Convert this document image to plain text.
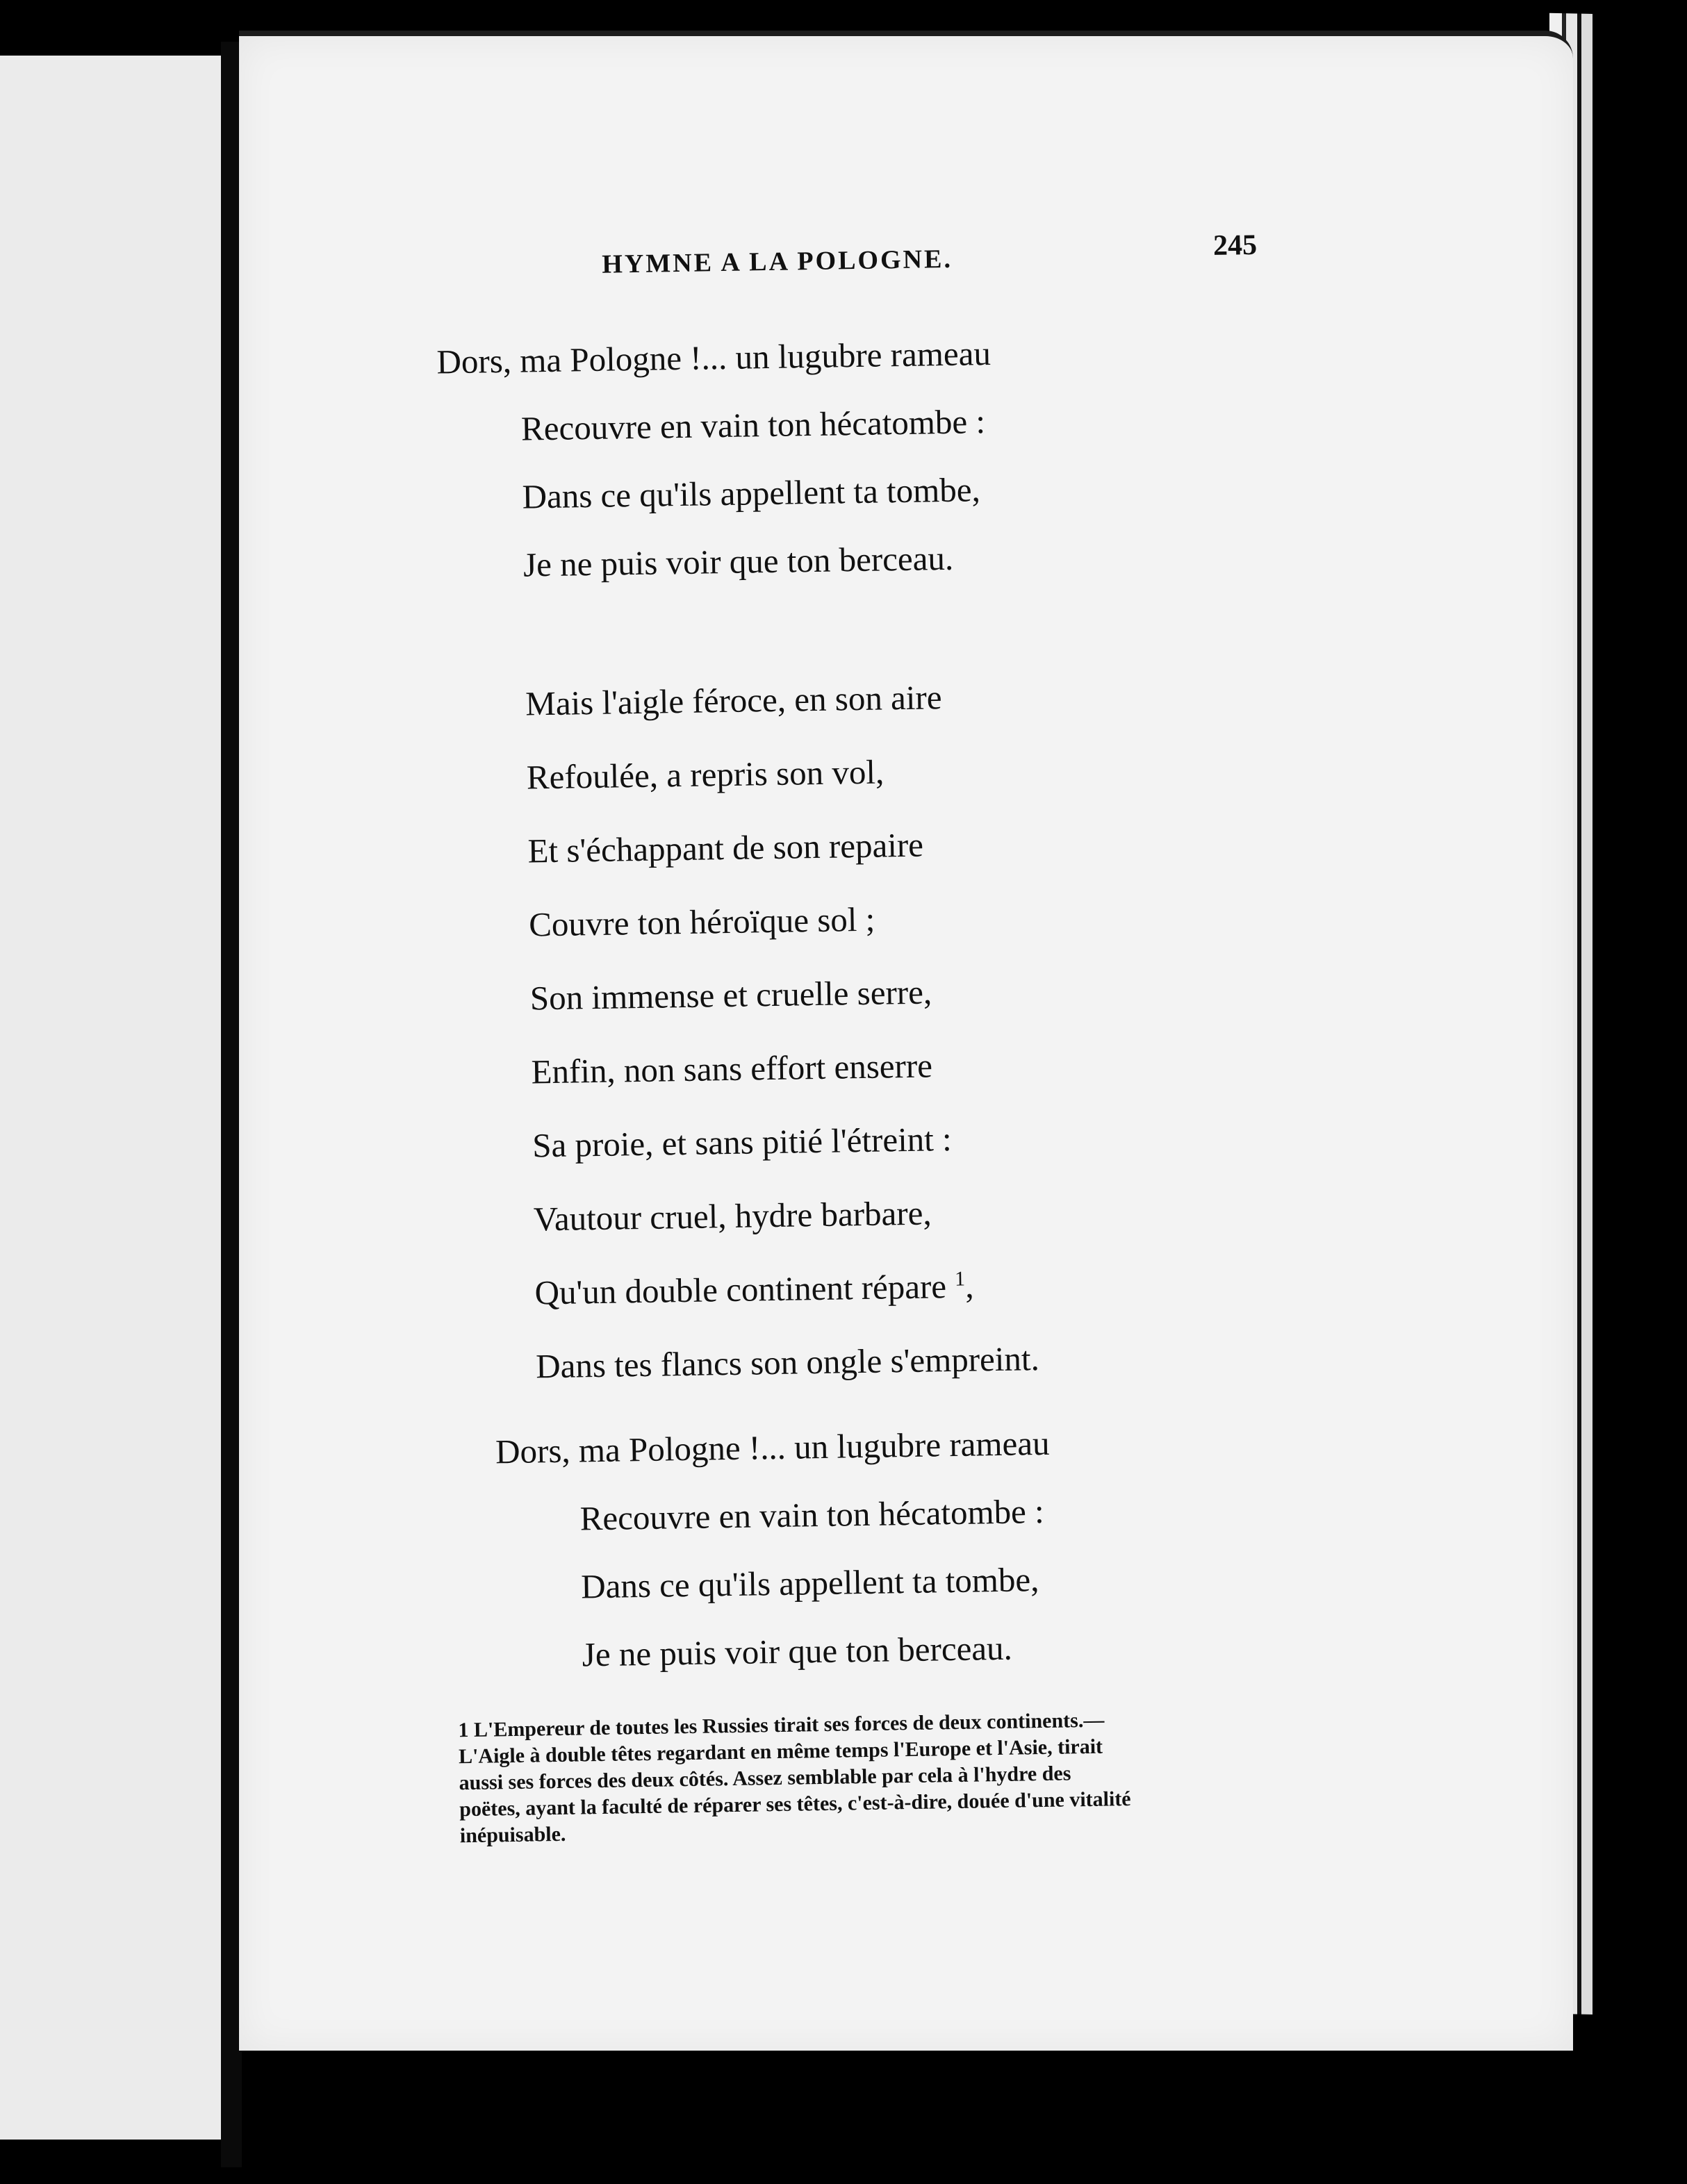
HYMNE A LA POLOGNE.	245
Dors, ma Pologne !... un lugubre rameau
Recouvre en vain ton hécatombe :
Dans ce qu'ils appellent ta tombe,
Je ne puis voir que ton berceau.
Mais l'aigle féroce, en son aire
Refoulée, a repris son vol,
Et s'échappant de son repaire
Couvre ton héroïque sol ;
Son immense et cruelle serre,
Enfin, non sans effort enserre
Sa proie, et sans pitié l'étreint :
Vautour cruel, hydre barbare,
Qu'un double continent répare $^1$,
Dans tes flancs son ongle s'empreint.
Dors, ma Pologne !... un lugubre rameau
Recouvre en vain ton hécatombe :
Dans ce qu'ils appellent ta tombe,
Je ne puis voir que ton berceau.
1 L'Empereur de toutes les Russies tirait ses forces de deux continents.—
L'Aigle à double têtes regardant en même temps l'Europe et l'Asie, tirait
aussi ses forces des deux côtés. Assez semblable par cela à l'hydre des
poëtes, ayant la faculté de réparer ses têtes, c'est-à-dire, douée d'une vitalité
inépuisable.
